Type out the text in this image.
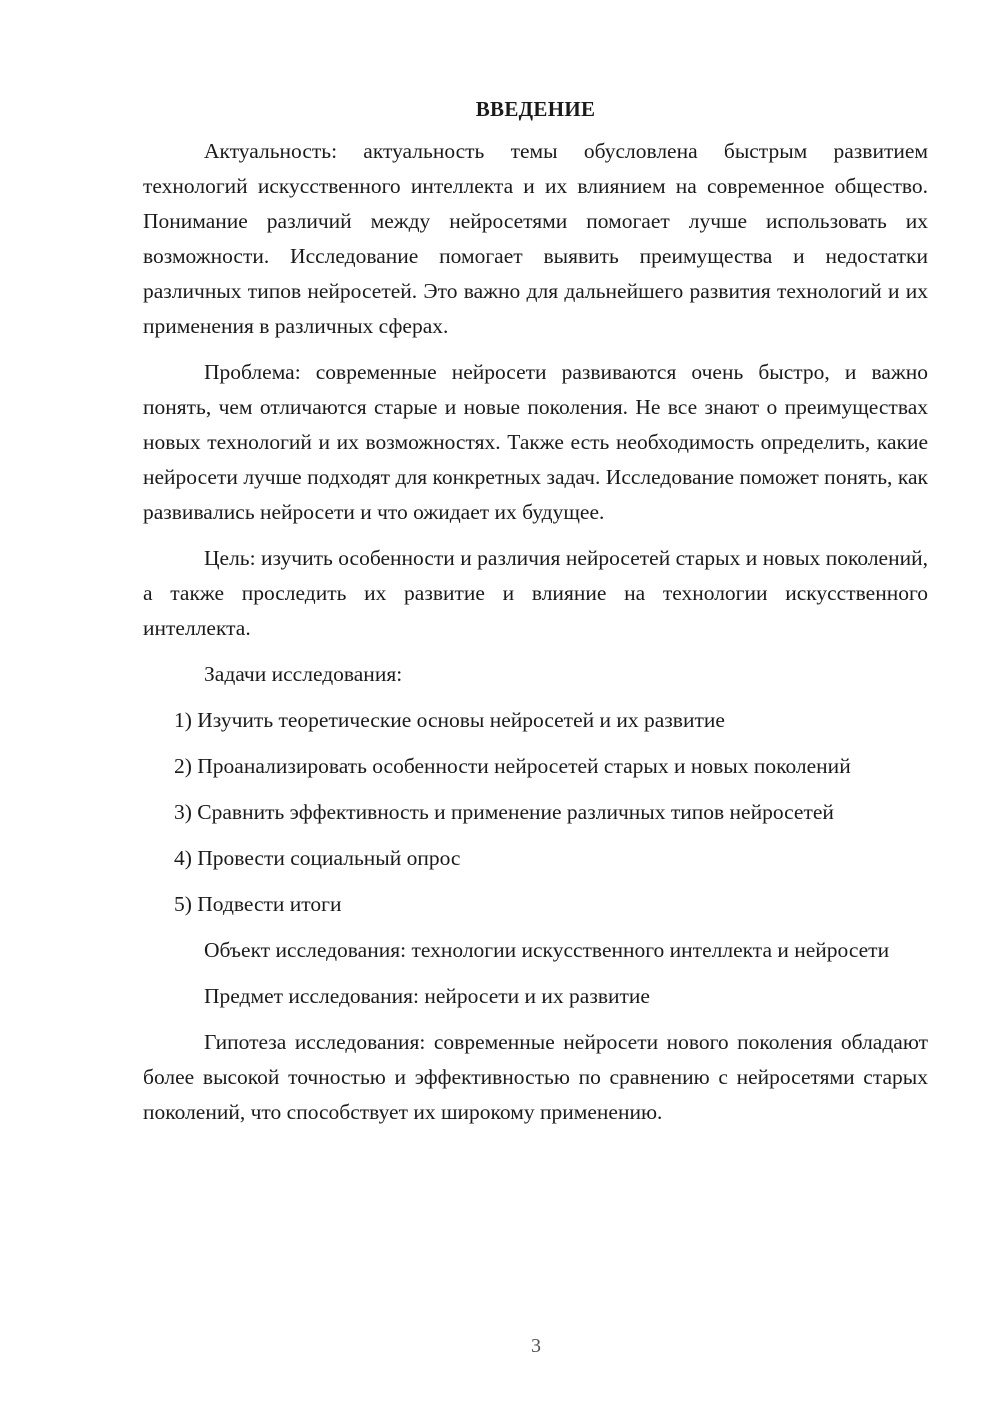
ВВЕДЕНИЕ

Актуальность: актуальность темы обусловлена быстрым развитием технологий искусственного интеллекта и их влиянием на современное общество. Понимание различий между нейросетями помогает лучше использовать их возможности. Исследование помогает выявить преимущества и недостатки различных типов нейросетей. Это важно для дальнейшего развития технологий и их применения в различных сферах.

Проблема: современные нейросети развиваются очень быстро, и важно понять, чем отличаются старые и новые поколения. Не все знают о преимуществах новых технологий и их возможностях. Также есть необходимость определить, какие нейросети лучше подходят для конкретных задач. Исследование поможет понять, как развивались нейросети и что ожидает их будущее.

Цель: изучить особенности и различия нейросетей старых и новых поколений, а также проследить их развитие и влияние на технологии искусственного интеллекта.

Задачи исследования:

1) Изучить теоретические основы нейросетей и их развитие

2) Проанализировать особенности нейросетей старых и новых поколений

3) Сравнить эффективность и применение различных типов нейросетей

4) Провести социальный опрос

5) Подвести итоги

Объект исследования: технологии искусственного интеллекта и нейросети

Предмет исследования: нейросети и их развитие

Гипотеза исследования: современные нейросети нового поколения обладают более высокой точностью и эффективностью по сравнению с нейросетями старых поколений, что способствует их широкому применению.

3
